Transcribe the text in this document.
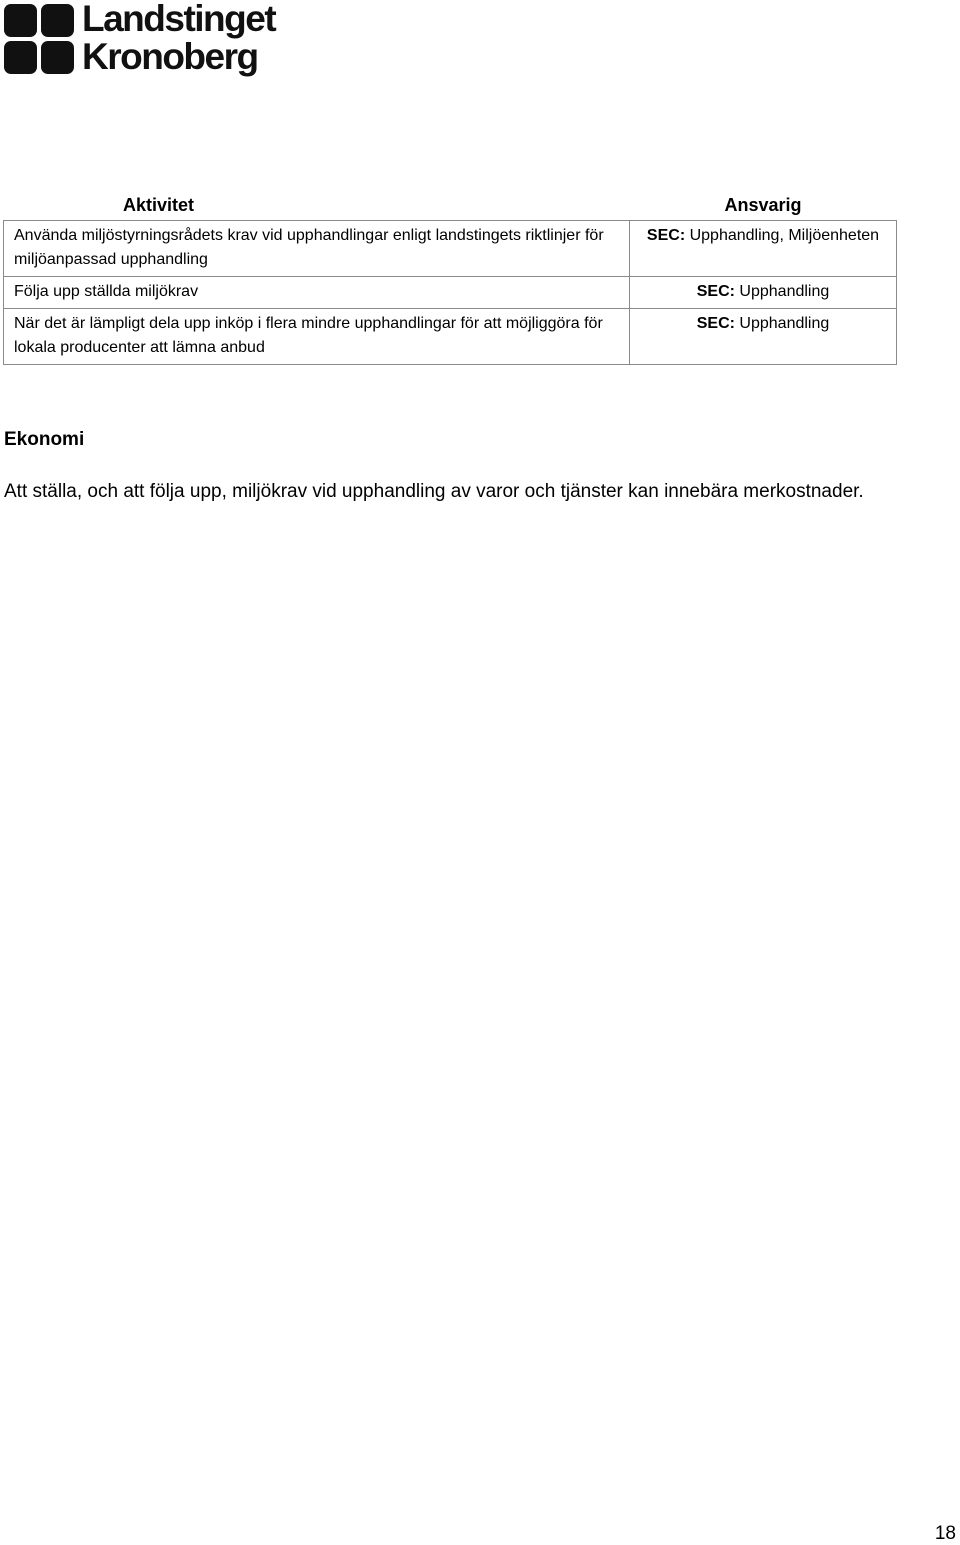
Landstinget
Kronoberg
Aktivitet		Ansvarig
Använda miljöstyrningsrådets krav vid upphandlingar enligt landstingets riktlinjer för miljöanpassad upphandling		SEC: Upphandling, Miljöenheten
Följa upp ställda miljökrav		SEC: Upphandling
När det är lämpligt dela upp inköp i flera mindre upphandlingar för att möjliggöra för lokala producenter att lämna anbud		SEC: Upphandling
Ekonomi
Att ställa, och att följa upp, miljökrav vid upphandling av varor och tjänster kan innebära merkostnader.
18
